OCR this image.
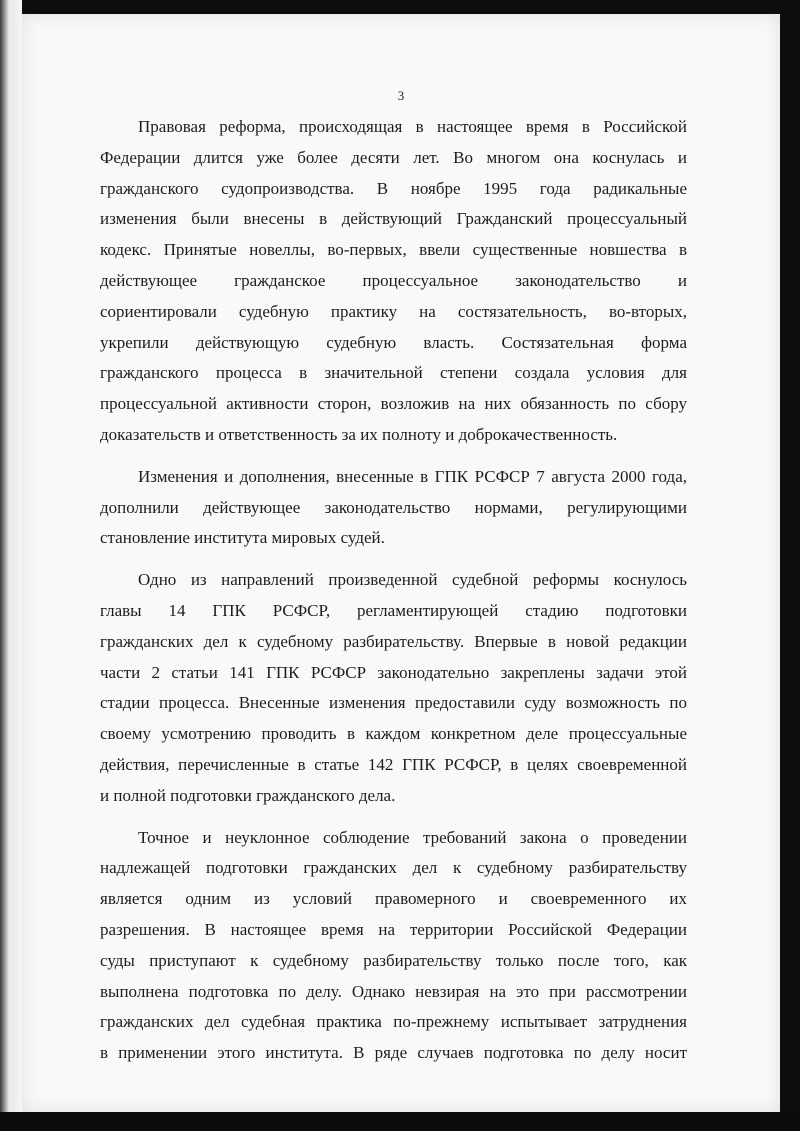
3
Правовая реформа, происходящая в настоящее время в Российской
Федерации длится уже более десяти лет. Во многом она коснулась и
гражданского судопроизводства. В ноябре 1995 года радикальные
изменения были внесены в действующий Гражданский процессуальный
кодекс. Принятые новеллы, во-первых, ввели существенные новшества в
действующее гражданское процессуальное законодательство и
сориентировали судебную практику на состязательность, во-вторых,
укрепили действующую судебную власть. Состязательная форма
гражданского процесса в значительной степени создала условия для
процессуальной активности сторон, возложив на них обязанность по сбору
доказательств и ответственность за их полноту и доброкачественность.
Изменения и дополнения, внесенные в ГПК РСФСР 7 августа 2000 года,
дополнили действующее законодательство нормами, регулирующими
становление института мировых судей.
Одно из направлений произведенной судебной реформы коснулось
главы 14 ГПК РСФСР, регламентирующей стадию подготовки
гражданских дел к судебному разбирательству. Впервые в новой редакции
части 2 статьи 141 ГПК РСФСР законодательно закреплены задачи этой
стадии процесса. Внесенные изменения предоставили суду возможность по
своему усмотрению проводить в каждом конкретном деле процессуальные
действия, перечисленные в статье 142 ГПК РСФСР, в целях своевременной
и полной подготовки гражданского дела.
Точное и неуклонное соблюдение требований закона о проведении
надлежащей подготовки гражданских дел к судебному разбирательству
является одним из условий правомерного и своевременного их
разрешения. В настоящее время на территории Российской Федерации
суды приступают к судебному разбирательству только после того, как
выполнена подготовка по делу. Однако невзирая на это при рассмотрении
гражданских дел судебная практика по-прежнему испытывает затруднения
в применении этого института. В ряде случаев подготовка по делу носит
